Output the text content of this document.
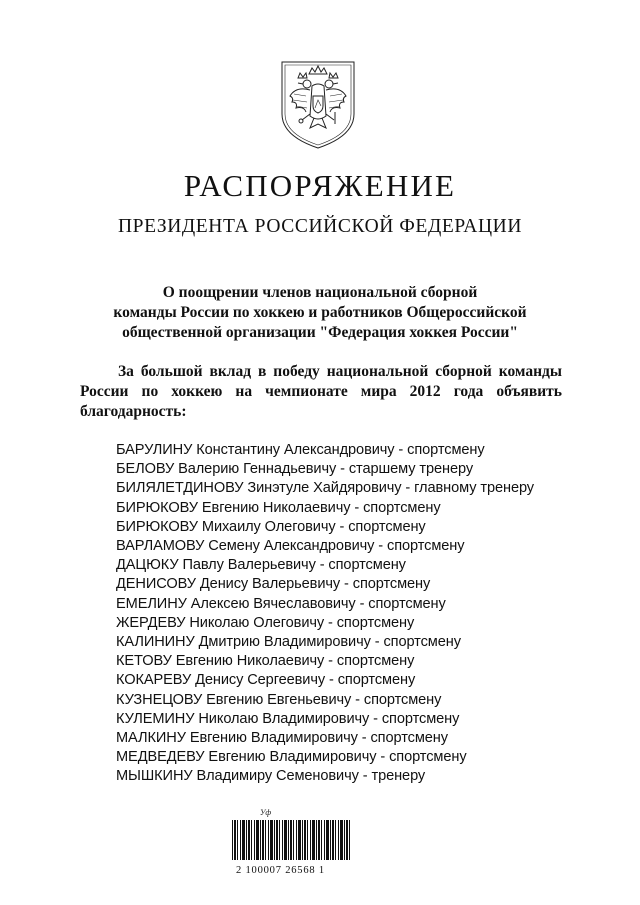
РАСПОРЯЖЕНИЕ
ПРЕЗИДЕНТА РОССИЙСКОЙ ФЕДЕРАЦИИ
О поощрении членов национальной сборной
команды России по хоккею и работников Общероссийской
общественной организации "Федерация хоккея России"
За большой вклад в победу национальной сборной команды
России по хоккею на чемпионате мира 2012 года объявить
благодарность:
БАРУЛИНУ Константину Александровичу - спортсмену
БЕЛОВУ Валерию Геннадьевичу - старшему тренеру
БИЛЯЛЕТДИНОВУ Зинэтуле Хайдяровичу - главному тренеру
БИРЮКОВУ Евгению Николаевичу - спортсмену
БИРЮКОВУ Михаилу Олеговичу - спортсмену
ВАРЛАМОВУ Семену Александровичу - спортсмену
ДАЦЮКУ Павлу Валерьевичу - спортсмену
ДЕНИСОВУ Денису Валерьевичу - спортсмену
ЕМЕЛИНУ Алексею Вячеславовичу - спортсмену
ЖЕРДЕВУ Николаю Олеговичу - спортсмену
КАЛИНИНУ Дмитрию Владимировичу - спортсмену
КЕТОВУ Евгению Николаевичу - спортсмену
КОКАРЕВУ Денису Сергеевичу - спортсмену
КУЗНЕЦОВУ Евгению Евгеньевичу - спортсмену
КУЛЕМИНУ Николаю Владимировичу - спортсмену
МАЛКИНУ Евгению Владимировичу - спортсмену
МЕДВЕДЕВУ Евгению Владимировичу - спортсмену
МЫШКИНУ Владимиру Семеновичу - тренеру
Уф
2 100007 26568 1
